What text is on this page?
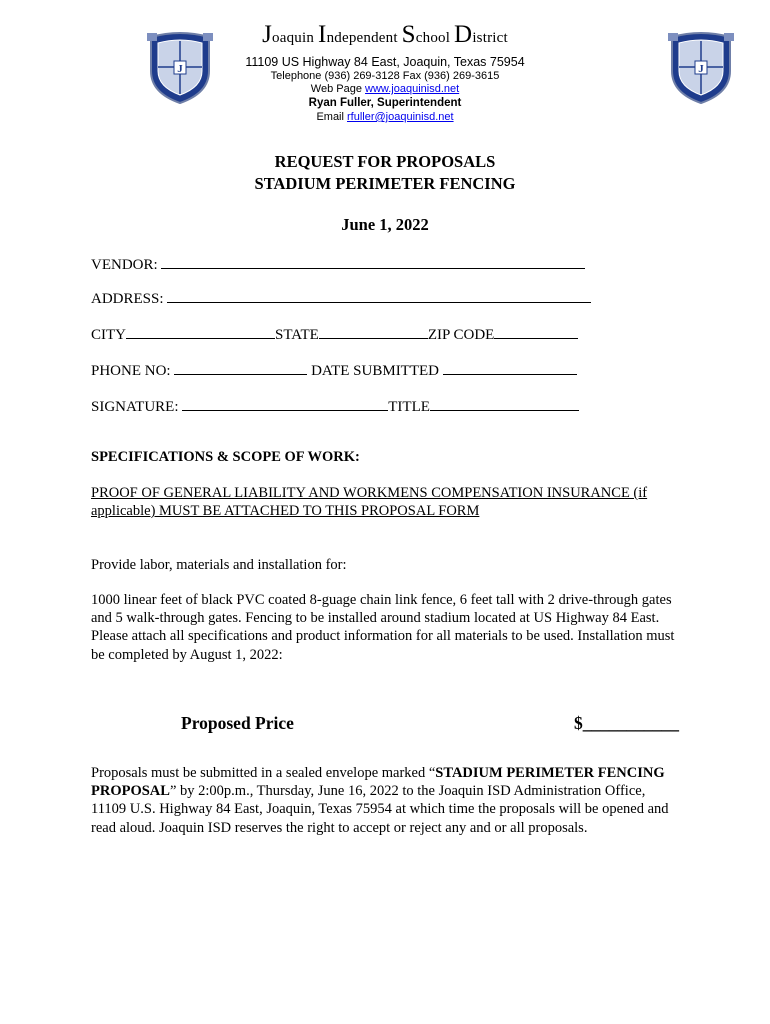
Joaquin Independent School District
11109 US Highway 84 East, Joaquin, Texas 75954
Telephone (936) 269-3128 Fax (936) 269-3615
Web Page www.joaquinisd.net
Ryan Fuller, Superintendent
Email rfuller@joaquinisd.net
J	J
REQUEST FOR PROPOSALS
STADIUM PERIMETER FENCING
June 1, 2022
VENDOR:
ADDRESS:
CITY	STATE	ZIP CODE
PHONE NO:	DATE SUBMITTED
SIGNATURE:	TITLE
SPECIFICATIONS & SCOPE OF WORK:
PROOF OF GENERAL LIABILITY AND WORKMENS COMPENSATION INSURANCE (if applicable) MUST BE ATTACHED TO THIS PROPOSAL FORM
Provide labor, materials and installation for:
1000 linear feet of black PVC coated 8-guage chain link fence, 6 feet tall with 2 drive-through gates and 5 walk-through gates. Fencing to be installed around stadium located at US Highway 84 East. Please attach all specifications and product information for all materials to be used. Installation must be completed by August 1, 2022:
Proposed Price	$___________
Proposals must be submitted in a sealed envelope marked “STADIUM PERIMETER FENCING PROPOSAL” by 2:00p.m., Thursday, June 16, 2022 to the Joaquin ISD Administration Office, 11109 U.S. Highway 84 East, Joaquin, Texas 75954 at which time the proposals will be opened and read aloud. Joaquin ISD reserves the right to accept or reject any and or all proposals.
